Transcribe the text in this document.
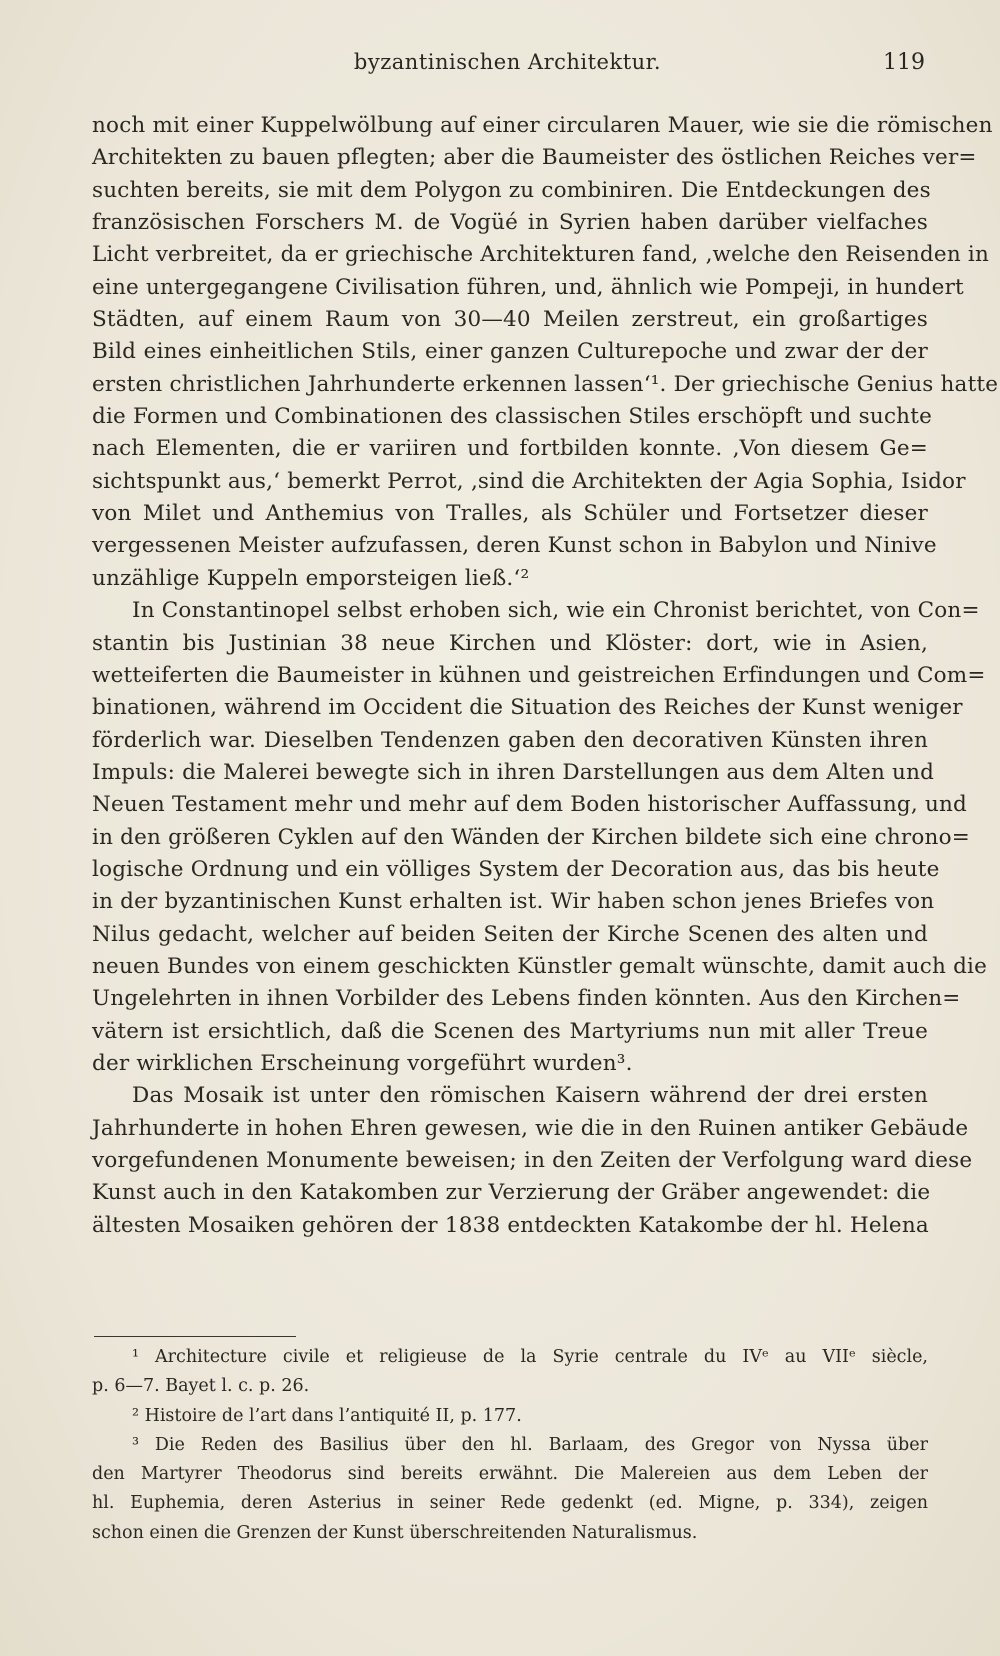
byzantinischen Architektur.	119
noch mit einer Kuppelwölbung auf einer circularen Mauer, wie sie die römischen
Architekten zu bauen pflegten; aber die Baumeister des östlichen Reiches ver=
suchten bereits, sie mit dem Polygon zu combiniren. Die Entdeckungen des
französischen Forschers M. de Vogüé in Syrien haben darüber vielfaches
Licht verbreitet, da er griechische Architekturen fand, ‚welche den Reisenden in
eine untergegangene Civilisation führen, und, ähnlich wie Pompeji, in hundert
Städten, auf einem Raum von 30—40 Meilen zerstreut, ein großartiges
Bild eines einheitlichen Stils, einer ganzen Culturepoche und zwar der der
ersten christlichen Jahrhunderte erkennen lassen‘¹. Der griechische Genius hatte
die Formen und Combinationen des classischen Stiles erschöpft und suchte
nach Elementen, die er variiren und fortbilden konnte. ‚Von diesem Ge=
sichtspunkt aus,‘ bemerkt Perrot, ‚sind die Architekten der Agia Sophia, Isidor
von Milet und Anthemius von Tralles, als Schüler und Fortsetzer dieser
vergessenen Meister aufzufassen, deren Kunst schon in Babylon und Ninive
unzählige Kuppeln emporsteigen ließ.‘²
In Constantinopel selbst erhoben sich, wie ein Chronist berichtet, von Con=
stantin bis Justinian 38 neue Kirchen und Klöster: dort, wie in Asien,
wetteiferten die Baumeister in kühnen und geistreichen Erfindungen und Com=
binationen, während im Occident die Situation des Reiches der Kunst weniger
förderlich war. Dieselben Tendenzen gaben den decorativen Künsten ihren
Impuls: die Malerei bewegte sich in ihren Darstellungen aus dem Alten und
Neuen Testament mehr und mehr auf dem Boden historischer Auffassung, und
in den größeren Cyklen auf den Wänden der Kirchen bildete sich eine chrono=
logische Ordnung und ein völliges System der Decoration aus, das bis heute
in der byzantinischen Kunst erhalten ist. Wir haben schon jenes Briefes von
Nilus gedacht, welcher auf beiden Seiten der Kirche Scenen des alten und
neuen Bundes von einem geschickten Künstler gemalt wünschte, damit auch die
Ungelehrten in ihnen Vorbilder des Lebens finden könnten. Aus den Kirchen=
vätern ist ersichtlich, daß die Scenen des Martyriums nun mit aller Treue
der wirklichen Erscheinung vorgeführt wurden³.
Das Mosaik ist unter den römischen Kaisern während der drei ersten
Jahrhunderte in hohen Ehren gewesen, wie die in den Ruinen antiker Gebäude
vorgefundenen Monumente beweisen; in den Zeiten der Verfolgung ward diese
Kunst auch in den Katakomben zur Verzierung der Gräber angewendet: die
ältesten Mosaiken gehören der 1838 entdeckten Katakombe der hl. Helena
¹ Architecture civile et religieuse de la Syrie centrale du IVᵉ au VIIᵉ siècle,
p. 6—7. Bayet l. c. p. 26.
² Histoire de l’art dans l’antiquité II, p. 177.
³ Die Reden des Basilius über den hl. Barlaam, des Gregor von Nyssa über
den Martyrer Theodorus sind bereits erwähnt. Die Malereien aus dem Leben der
hl. Euphemia, deren Asterius in seiner Rede gedenkt (ed. Migne, p. 334), zeigen
schon einen die Grenzen der Kunst überschreitenden Naturalismus.
